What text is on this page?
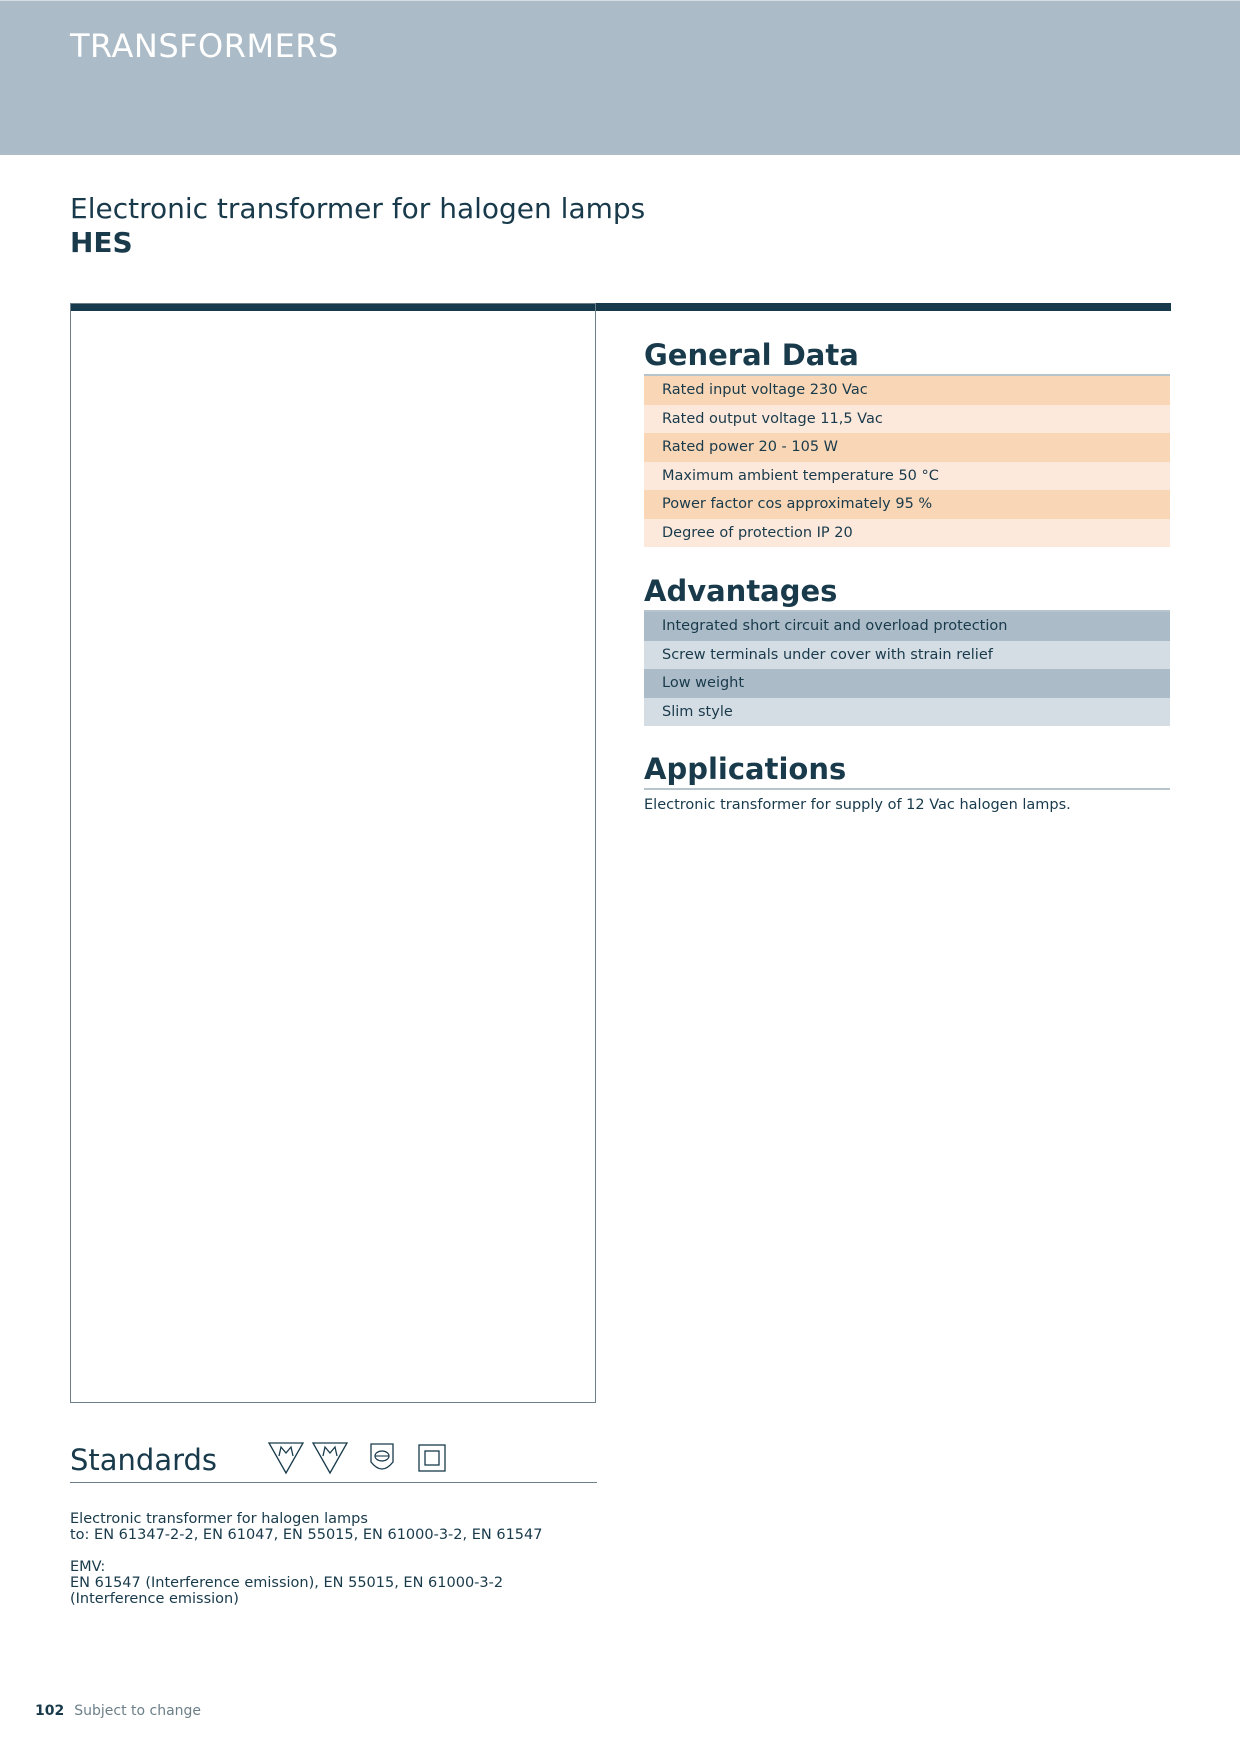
TRANSFORMERS
Electronic transformer for halogen lamps
HES
General Data
Rated input voltage 230 Vac
Rated output voltage 11,5 Vac
Rated power 20 - 105 W
Maximum ambient temperature 50 °C
Power factor cos approximately 95 %
Degree of protection IP 20
Advantages
Integrated short circuit and overload protection
Screw terminals under cover with strain relief
Low weight
Slim style
Applications
Electronic transformer for supply of 12 Vac halogen lamps.
Standards
Electronic transformer for halogen lamps
to: EN 61347-2-2, EN 61047, EN 55015, EN 61000-3-2, EN 61547
EMV:
EN 61547 (Interference emission), EN 55015, EN 61000-3-2 (Interference emission)
102 Subject to change
